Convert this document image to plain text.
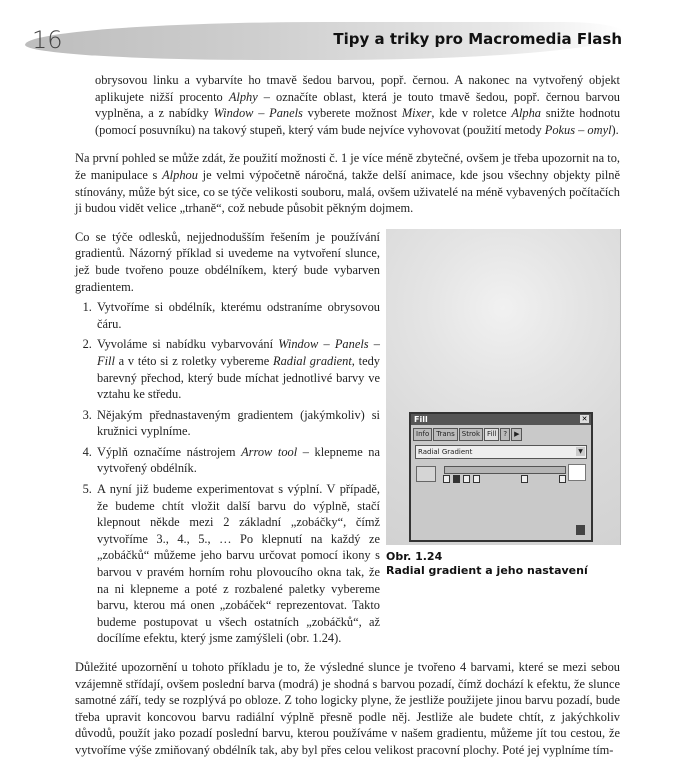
16	Tipy a triky pro Macromedia Flash

obrysovou linku a vybarvíte ho tmavě šedou barvou, popř. černou. A nakonec na vytvořený objekt aplikujete nižší procento Alphy – označíte oblast, která je touto tmavě šedou, popř. černou barvou vyplněna, a z nabídky Window – Panels vyberete možnost Mixer, kde v roletce Alpha snižte hodnotu (pomocí posuvníku) na takový stupeň, který vám bude nejvíce vyhovovat (použití metody Pokus – omyl).

Na první pohled se může zdát, že použití možnosti č. 1 je více méně zbytečné, ovšem je třeba upozornit na to, že manipulace s Alphou je velmi výpočetně náročná, takže delší animace, kde jsou všechny objekty pilně stínovány, může být sice, co se týče velikosti souboru, malá, ovšem uživatelé na méně vybavených počítačích ji budou vidět velice „trhaně“, což nebude působit pěkným dojmem.

Co se týče odlesků, nejjednodušším řešením je používání gradientů. Názorný příklad si uvedeme na vytvoření slunce, jež bude tvořeno pouze obdélníkem, který bude vybarven gradientem.

1. Vytvoříme si obdélník, kterému odstraníme obrysovou čáru.
2. Vyvoláme si nabídku vybarvování Window – Panels – Fill a v této si z roletky vybereme Radial gradient, tedy barevný přechod, který bude míchat jednotlivé barvy ve vztahu ke středu.
3. Nějakým přednastaveným gradientem (jakýmkoliv) si kružnici vyplníme.
4. Výplň označíme nástrojem Arrow tool – klepneme na vytvořený obdélník.
5. A nyní již budeme experimentovat s výplní. V případě, že budeme chtít vložit další barvu do výplně, stačí klepnout někde mezi 2 základní „zobáčky“, čímž vytvoříme 3., 4., 5., … Po klepnutí na každý ze „zobáčků“ můžeme jeho barvu určovat pomocí ikony s barvou v pravém horním rohu plovoucího okna tak, že na ni klepneme a poté z rozbalené paletky vybereme barvu, kterou má onen „zobáček“ reprezentovat. Takto budeme postupovat u všech ostatních „zobáčků“, až docílíme efektu, který jsme zamýšleli (obr. 1.24).
Fill	✕
Info	Trans	Strok	Fill	?	▶
Radial Gradient	▼
Obr. 1.24
Radial gradient a jeho nastavení

Důležité upozornění u tohoto příkladu je to, že výsledné slunce je tvořeno 4 barvami, které se mezi sebou vzájemně střídají, ovšem poslední barva (modrá) je shodná s barvou pozadí, čímž dochází k efektu, že slunce samotné září, tedy se rozplývá po obloze. Z toho logicky plyne, že jestliže použijete jinou barvu pozadí, bude třeba upravit koncovou barvu radiální výplně přesně podle něj. Jestliže ale budete chtít, z jakýchkoliv důvodů, použít jako pozadí poslední barvu, kterou používáme v našem gradientu, můžeme jít tou cestou, že vytvoříme výše zmiňovaný obdélník tak, aby byl přes celou velikost pracovní plochy. Poté jej vyplníme tím-
